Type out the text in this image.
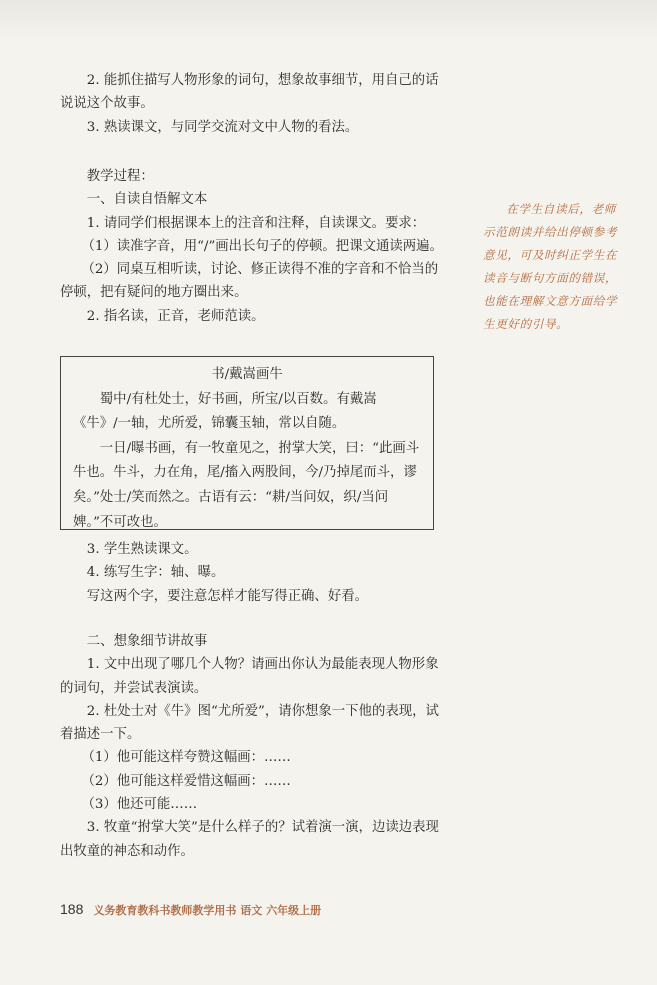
2. 能抓住描写人物形象的词句，想象故事细节，用自己的话说说这个故事。

3. 熟读课文，与同学交流对文中人物的看法。

教学过程：

一、自读自悟解文本

1. 请同学们根据课本上的注音和注释，自读课文。要求：

（1）读准字音，用“/”画出长句子的停顿。把课文通读两遍。

（2）同桌互相听读，讨论、修正读得不准的字音和不恰当的停顿，把有疑问的地方圈出来。

2. 指名读，正音，老师范读。

书/戴嵩画牛

蜀中/有杜处士，好书画，所宝/以百数。有戴嵩《牛》/一轴，尤所爱，锦囊玉轴，常以自随。

一日/曝书画，有一牧童见之，拊掌大笑，曰：“此画斗牛也。牛斗，力在角，尾/搐入两股间，今/乃掉尾而斗，谬矣。”处士/笑而然之。古语有云：“耕/当问奴，织/当问婢。”不可改也。

3. 学生熟读课文。

4. 练写生字：轴、曝。

写这两个字，要注意怎样才能写得正确、好看。

二、想象细节讲故事

1. 文中出现了哪几个人物？请画出你认为最能表现人物形象的词句，并尝试表演读。

2. 杜处士对《牛》图“尤所爱”，请你想象一下他的表现，试着描述一下。

（1）他可能这样夸赞这幅画：……

（2）他可能这样爱惜这幅画：……

（3）他还可能……

3. 牧童“拊掌大笑”是什么样子的？试着演一演，边读边表现出牧童的神态和动作。

在学生自读后，老师示范朗读并给出停顿参考意见，可及时纠正学生在读音与断句方面的错误，也能在理解文意方面给学生更好的引导。

188 义务教育教科书教师教学用书 语文 六年级上册
